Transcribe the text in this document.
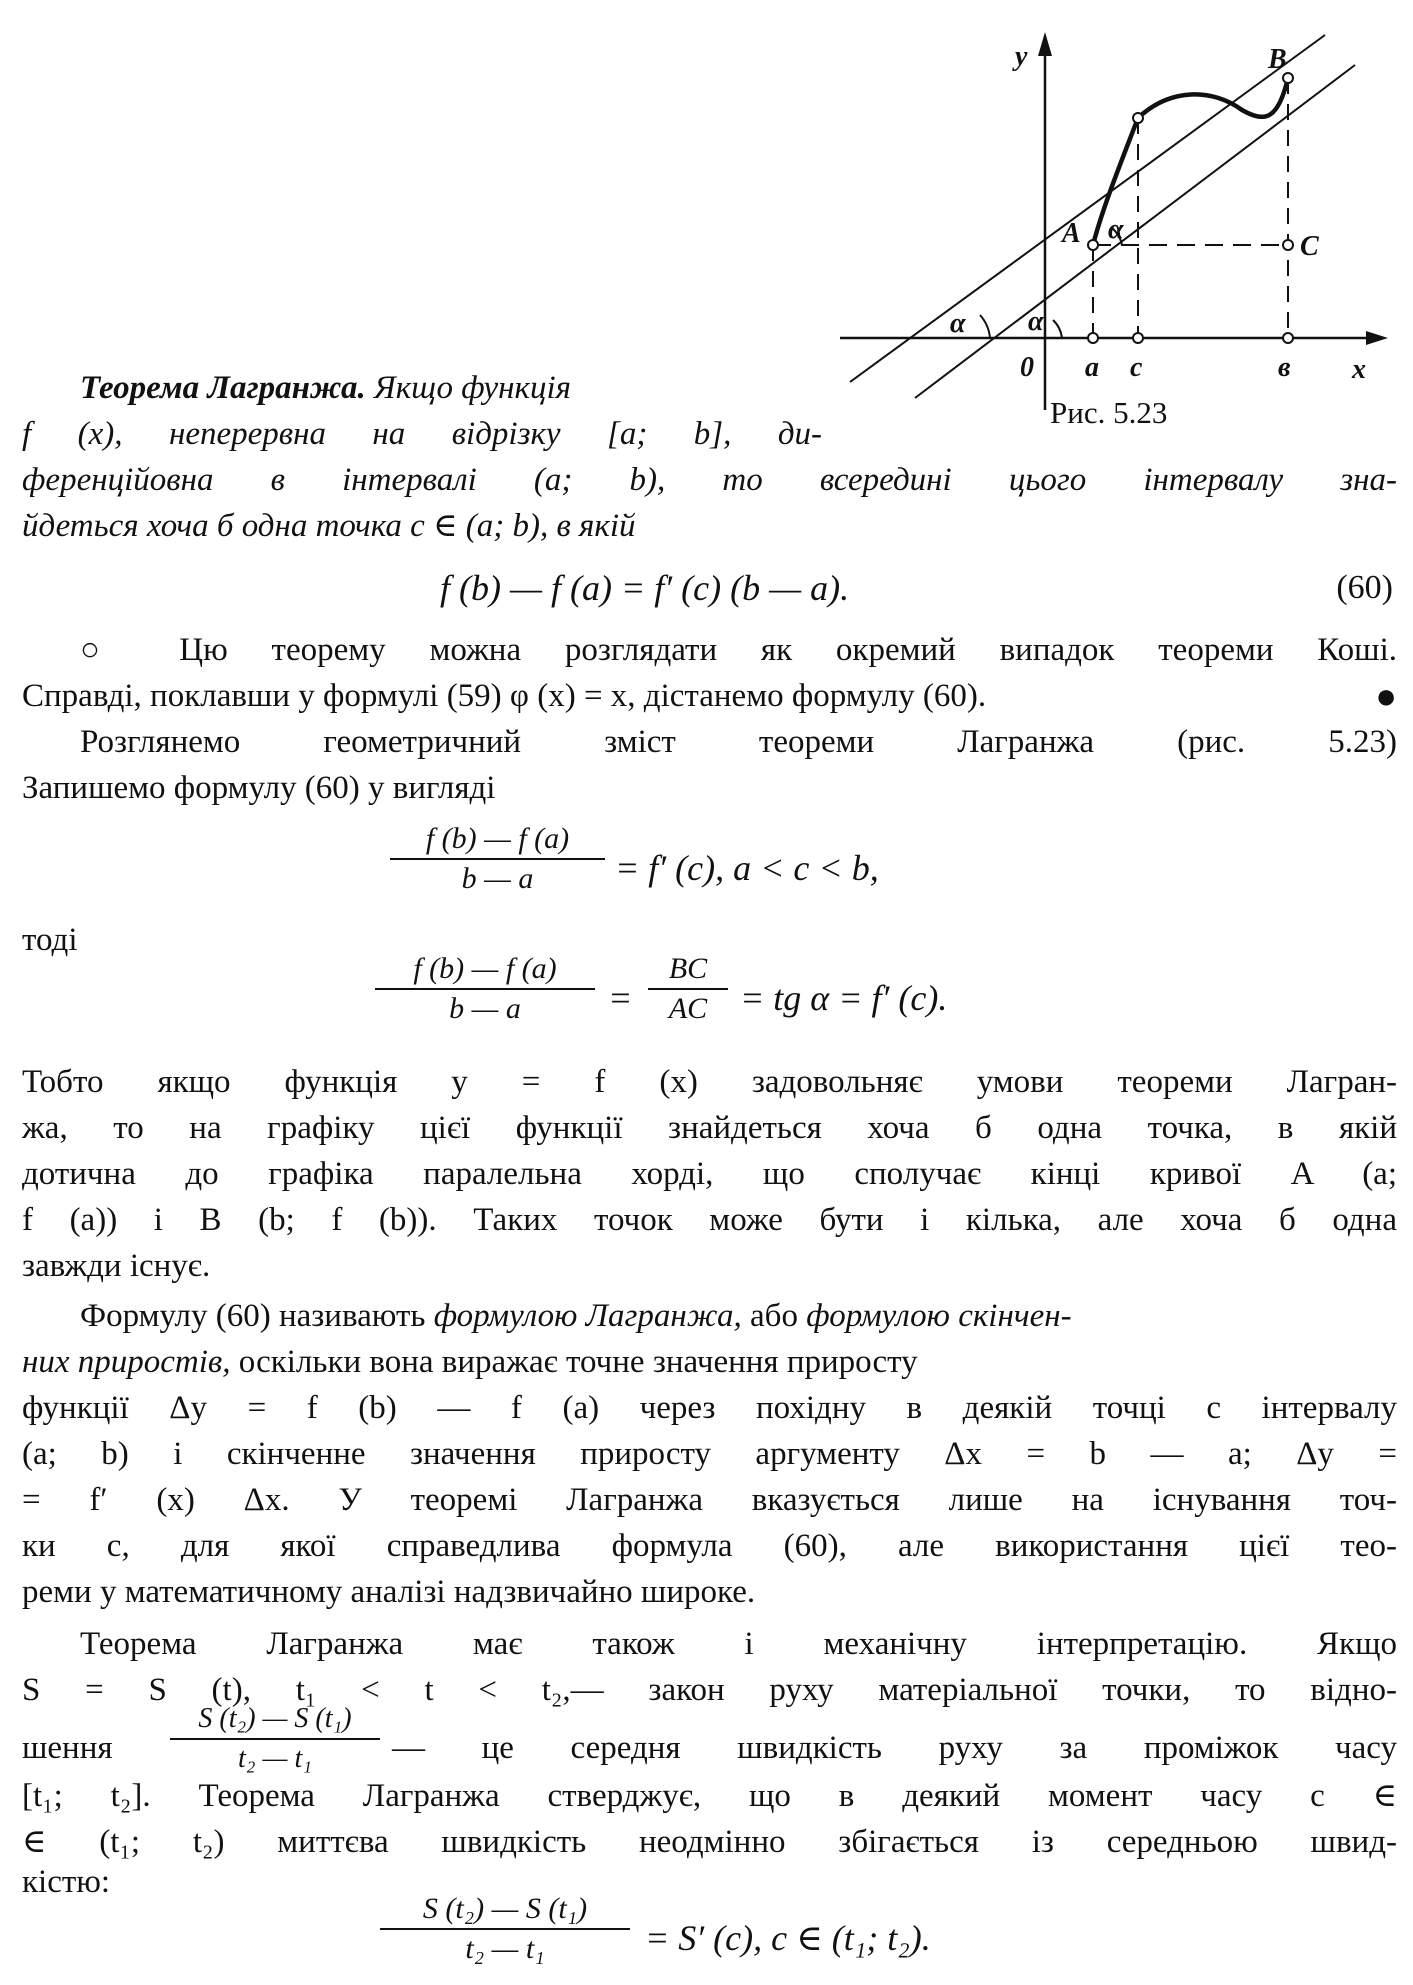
y
x
0
A
B
C
a c	в
α α
α
Рис. 5.23
Теорема Лагранжа. Якщо функція
f (x), неперервна на відрізку [a; b], ди-
ференційовна в інтервалі (a; b), то всередині цього інтервалу зна-
йдеться хоча б одна точка c ∈ (a; b), в якій
f (b) — f (a) = f′ (c) (b — a).	(60)
○ Цю теорему можна розглядати як окремий випадок теореми Коші.
Справді, поклавши у формулі (59) φ (x) = x, дістанемо формулу (60).	●
Розглянемо геометричний зміст теореми Лагранжа (рис. 5.23)
Запишемо формулу (60) у вигляді
f (b) — f (a)
b — a	= f′ (c), a < c < b,
тоді
f (b) — f (a)
b — a	=
BC
AC = tg α = f′ (c).
Тобто якщо функція y = f (x) задовольняє умови теореми Лагран-
жа, то на графіку цієї функції знайдеться хоча б одна точка, в якій
дотична до графіка паралельна хорді, що сполучає кінці кривої A (a;
f (a)) і B (b; f (b)). Таких точок може бути і кілька, але хоча б одна
завжди існує.
Формулу (60) називають формулою Лагранжа, або формулою скінчен-
них приростів, оскільки вона виражає точне значення приросту
функції Δy = f (b) — f (a) через похідну в деякій точці c інтервалу
(a; b) і скінченне значення приросту аргументу Δx = b — a; Δy =
= f′ (x) Δx. У теоремі Лагранжа вказується лише на існування точ-
ки c, для якої справедлива формула (60), але використання цієї тео-
реми у математичному аналізі надзвичайно широке.
Теорема Лагранжа має також і механічну інтерпретацію. Якщо
S = S (t), t₁ < t < t₂,— закон руху матеріальної точки, то відно-
шення
S (t₂) — S (t₁)
t₂ — t₁	— це середня швидкість руху за проміжок часу
[t₁; t₂]. Теорема Лагранжа стверджує, що в деякий момент часу c ∈
∈ (t₁; t₂) миттєва швидкість неодмінно збігається із середньою швид-
кістю:
S (t₂) — S (t₁)
t₂ — t₁	= S′ (c), c ∈ (t₁; t₂).
